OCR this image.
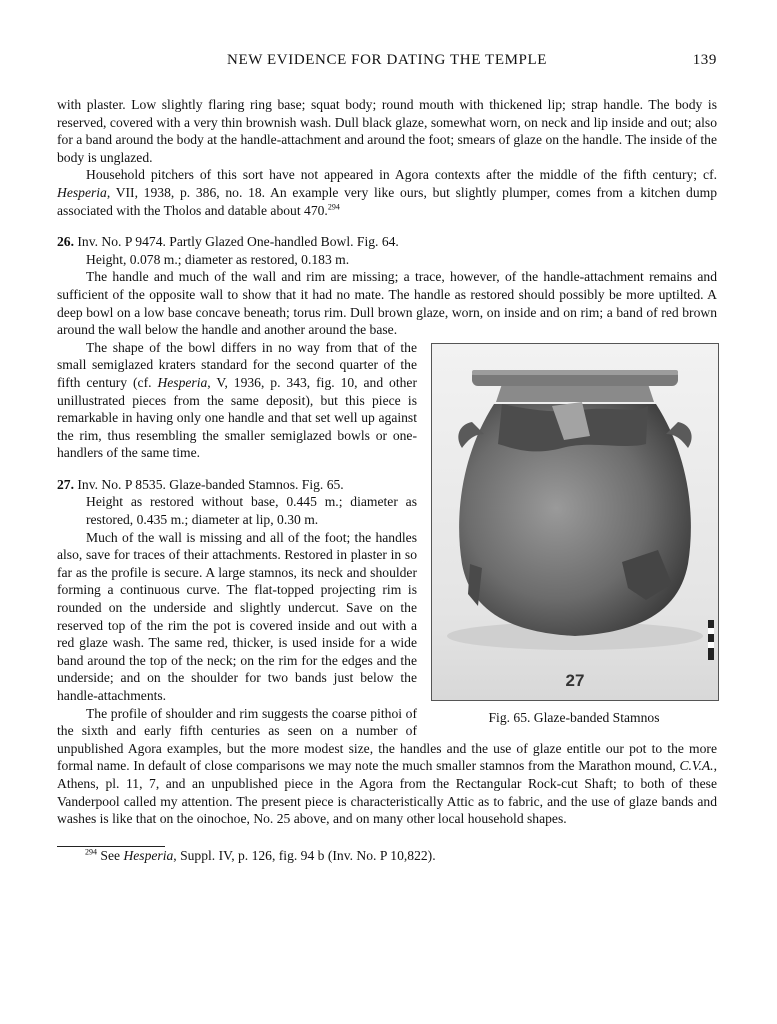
NEW EVIDENCE FOR DATING THE TEMPLE	139

with plaster. Low slightly flaring ring base; squat body; round mouth with thickened lip; strap handle. The body is reserved, covered with a very thin brownish wash. Dull black glaze, somewhat worn, on neck and lip inside and out; also for a band around the body at the handle-attachment and around the foot; smears of glaze on the handle. The inside of the body is unglazed.

Household pitchers of this sort have not appeared in Agora contexts after the middle of the fifth century; cf. Hesperia, VII, 1938, p. 386, no. 18. An example very like ours, but slightly plumper, comes from a kitchen dump associated with the Tholos and datable about 470.$^{294}$

26. Inv. No. P 9474. Partly Glazed One-handled Bowl. Fig. 64.

Height, 0.078 m.; diameter as restored, 0.183 m.

The handle and much of the wall and rim are missing; a trace, however, of the handle-attachment remains and sufficient of the opposite wall to show that it had no mate. The handle as restored should possibly be more uptilted. A deep bowl on a low base concave beneath; torus rim. Dull brown glaze, worn, on inside and on rim; a band of red brown around the wall below the handle and another around the base.

27
Fig. 65. Glaze-banded Stamnos

The shape of the bowl differs in no way from that of the small semiglazed kraters standard for the second quarter of the fifth century (cf. Hesperia, V, 1936, p. 343, fig. 10, and other unillustrated pieces from the same deposit), but this piece is remarkable in having only one handle and that set well up against the rim, thus resembling the smaller semiglazed bowls or one-handlers of the same time.

27. Inv. No. P 8535. Glaze-banded Stamnos. Fig. 65.

Height as restored without base, 0.445 m.; diameter as restored, 0.435 m.; diameter at lip, 0.30 m.

Much of the wall is missing and all of the foot; the handles also, save for traces of their attachments. Restored in plaster in so far as the profile is secure. A large stamnos, its neck and shoulder forming a continuous curve. The flat-topped projecting rim is rounded on the underside and slightly undercut. Save on the reserved top of the rim the pot is covered inside and out with a red glaze wash. The same red, thicker, is used inside for a wide band around the top of the neck; on the rim for the edges and the underside; and on the shoulder for two bands just below the handle-attachments.

The profile of shoulder and rim suggests the coarse pithoi of the sixth and early fifth centuries as seen on a number of unpublished Agora examples, but the more modest size, the handles and the use of glaze entitle our pot to the more formal name. In default of close comparisons we may note the much smaller stamnos from the Marathon mound, C.V.A., Athens, pl. 11, 7, and an unpublished piece in the Agora from the Rectangular Rock-cut Shaft; to both of these Vanderpool called my attention. The present piece is characteristically Attic as to fabric, and the use of glaze bands and washes is like that on the oinochoe, No. 25 above, and on many other local household shapes.

$^{294}$ See Hesperia, Suppl. IV, p. 126, fig. 94 b (Inv. No. P 10,822).
